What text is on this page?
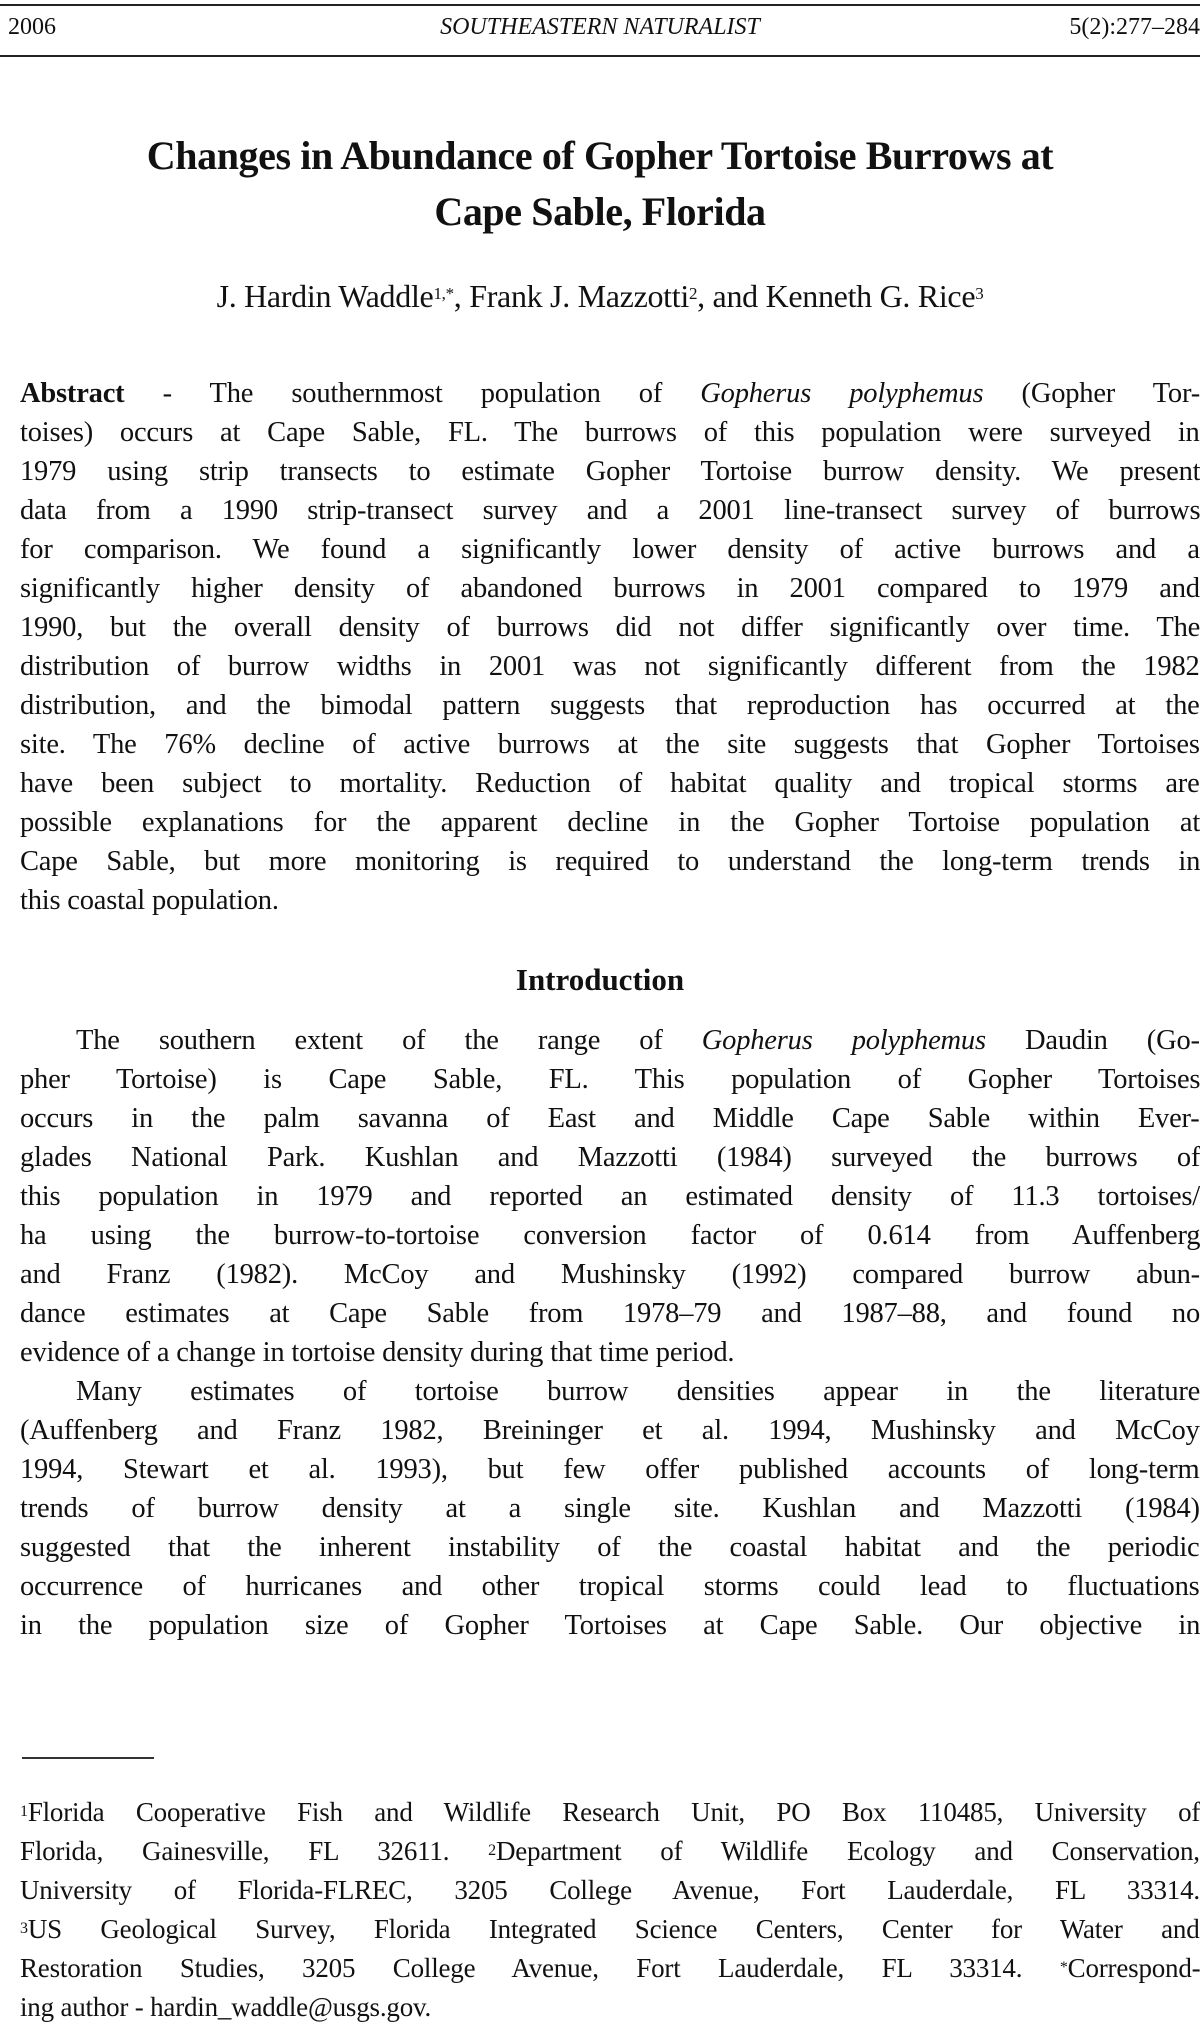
SOUTHEASTERN NATURALIST
2006	5(2):277–284
Changes in Abundance of Gopher Tortoise Burrows at
Cape Sable, Florida
J. Hardin Waddle$^{1,*}$, Frank J. Mazzotti$^2$, and Kenneth G. Rice$^3$
Abstract - The southernmost population of Gopherus polyphemus (Gopher Tor-
toises) occurs at Cape Sable, FL. The burrows of this population were surveyed in
1979 using strip transects to estimate Gopher Tortoise burrow density. We present
data from a 1990 strip-transect survey and a 2001 line-transect survey of burrows
for comparison. We found a significantly lower density of active burrows and a
significantly higher density of abandoned burrows in 2001 compared to 1979 and
1990, but the overall density of burrows did not differ significantly over time. The
distribution of burrow widths in 2001 was not significantly different from the 1982
distribution, and the bimodal pattern suggests that reproduction has occurred at the
site. The 76% decline of active burrows at the site suggests that Gopher Tortoises
have been subject to mortality. Reduction of habitat quality and tropical storms are
possible explanations for the apparent decline in the Gopher Tortoise population at
Cape Sable, but more monitoring is required to understand the long-term trends in
this coastal population.
Introduction
The southern extent of the range of Gopherus polyphemus Daudin (Go-
pher Tortoise) is Cape Sable, FL. This population of Gopher Tortoises
occurs in the palm savanna of East and Middle Cape Sable within Ever-
glades National Park. Kushlan and Mazzotti (1984) surveyed the burrows of
this population in 1979 and reported an estimated density of 11.3 tortoises/
ha using the burrow-to-tortoise conversion factor of 0.614 from Auffenberg
and Franz (1982). McCoy and Mushinsky (1992) compared burrow abun-
dance estimates at Cape Sable from 1978–79 and 1987–88, and found no
evidence of a change in tortoise density during that time period.
Many estimates of tortoise burrow densities appear in the literature
(Auffenberg and Franz 1982, Breininger et al. 1994, Mushinsky and McCoy
1994, Stewart et al. 1993), but few offer published accounts of long-term
trends of burrow density at a single site. Kushlan and Mazzotti (1984)
suggested that the inherent instability of the coastal habitat and the periodic
occurrence of hurricanes and other tropical storms could lead to fluctuations
in the population size of Gopher Tortoises at Cape Sable. Our objective in
$^1$Florida Cooperative Fish and Wildlife Research Unit, PO Box 110485, University of
Florida, Gainesville, FL 32611. $^2$Department of Wildlife Ecology and Conservation,
University of Florida-FLREC, 3205 College Avenue, Fort Lauderdale, FL 33314.
$^3$US Geological Survey, Florida Integrated Science Centers, Center for Water and
Restoration Studies, 3205 College Avenue, Fort Lauderdale, FL 33314. *Correspond-
ing author - hardin_waddle@usgs.gov.
